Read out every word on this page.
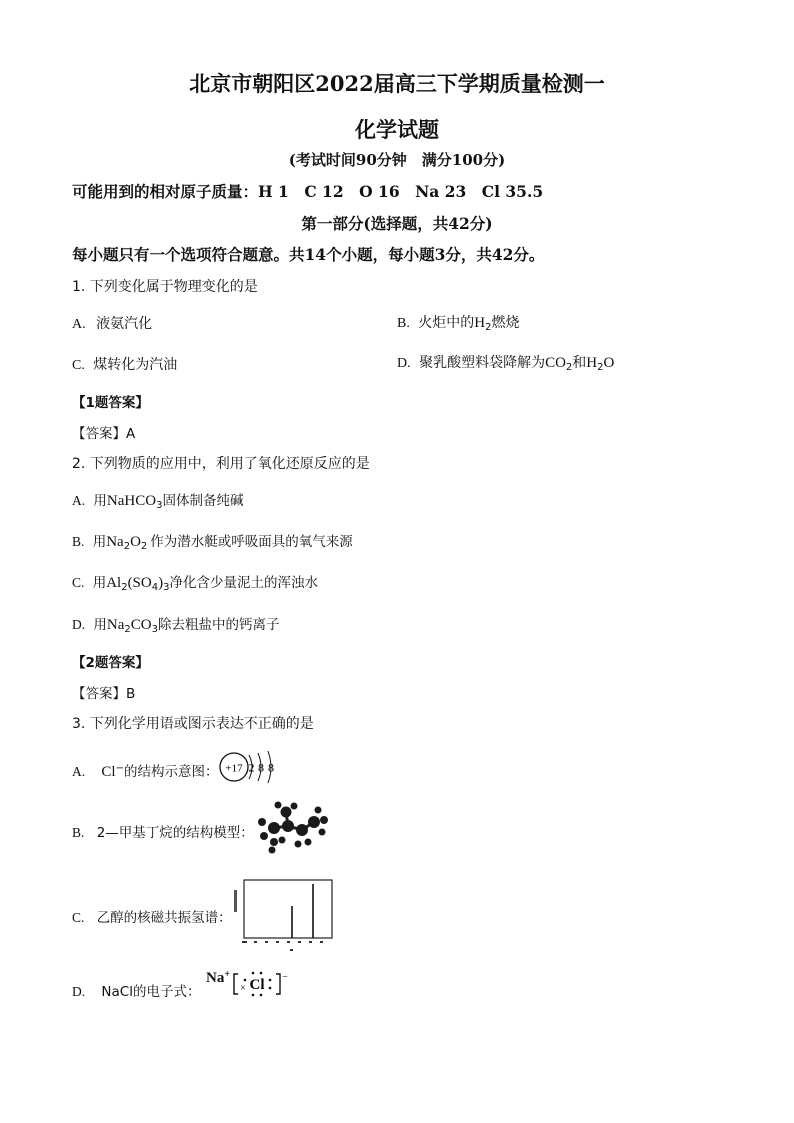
北京市朝阳区2022届高三下学期质量检测一
化学试题
(考试时间90分钟　满分100分)
可能用到的相对原子质量：H 1　C 12　O 16　Na 23　Cl 35.5
第一部分(选择题，共42分)
每小题只有一个选项符合题意。共14个小题，每小题3分，共42分。
1. 下列变化属于物理变化的是
A. 液氨汽化	B. 火炬中的$H_2$燃烧
C. 煤转化为汽油	D. 聚乳酸塑料袋降解为$CO_2$和$H_2O$
【1题答案】
【答案】A
2. 下列物质的应用中，利用了氧化还原反应的是
A. 用NaHCO$_3$固体制备纯碱
B. 用$Na_2O_2$ 作为潜水艇或呼吸面具的氧气来源
C. 用$Al_2(SO_4)_3$净化含少量泥土的浑浊水
D. 用$Na_2CO_3$除去粗盐中的钙离子
【2题答案】
【答案】B
3. 下列化学用语或图示表达不正确的是
A. Cl−的结构示意图： +17 2 8 8
B. 2—甲基丁烷的结构模型：
C. 乙醇的核磁共振氢谱：
D. NaCl的电子式：
Na+
Cl −
×
